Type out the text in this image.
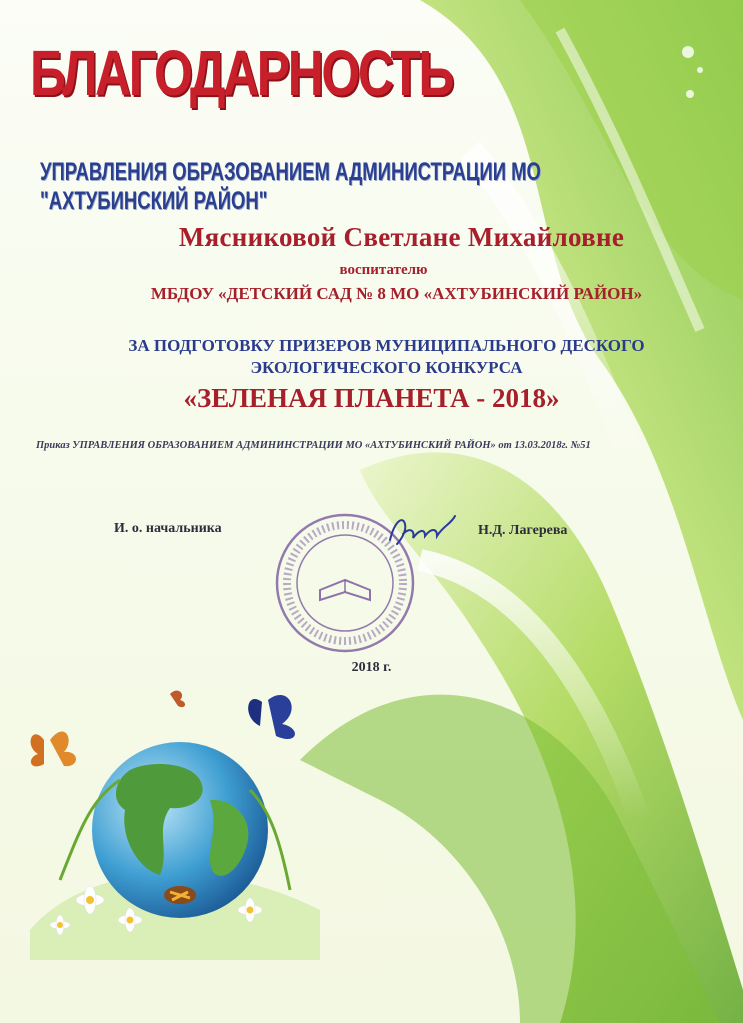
БЛАГОДАРНОСТЬ
УПРАВЛЕНИЯ ОБРАЗОВАНИЕМ АДМИНИСТРАЦИИ МО "АХТУБИНСКИЙ РАЙОН"
Мясниковой Светлане Михайловне
воспитателю
МБДОУ «ДЕТСКИЙ САД № 8 МО «АХТУБИНСКИЙ РАЙОН»
ЗА ПОДГОТОВКУ ПРИЗЕРОВ МУНИЦИПАЛЬНОГО ДЕСКОГО
ЭКОЛОГИЧЕСКОГО КОНКУРСА
«ЗЕЛЕНАЯ ПЛАНЕТА - 2018»
Приказ УПРАВЛЕНИЯ ОБРАЗОВАНИЕМ АДМИНИНСТРАЦИИ МО «АХТУБИНСКИЙ РАЙОН» от 13.03.2018г. №51
И. о. начальника	Н.Д. Лагерева
2018 г.
